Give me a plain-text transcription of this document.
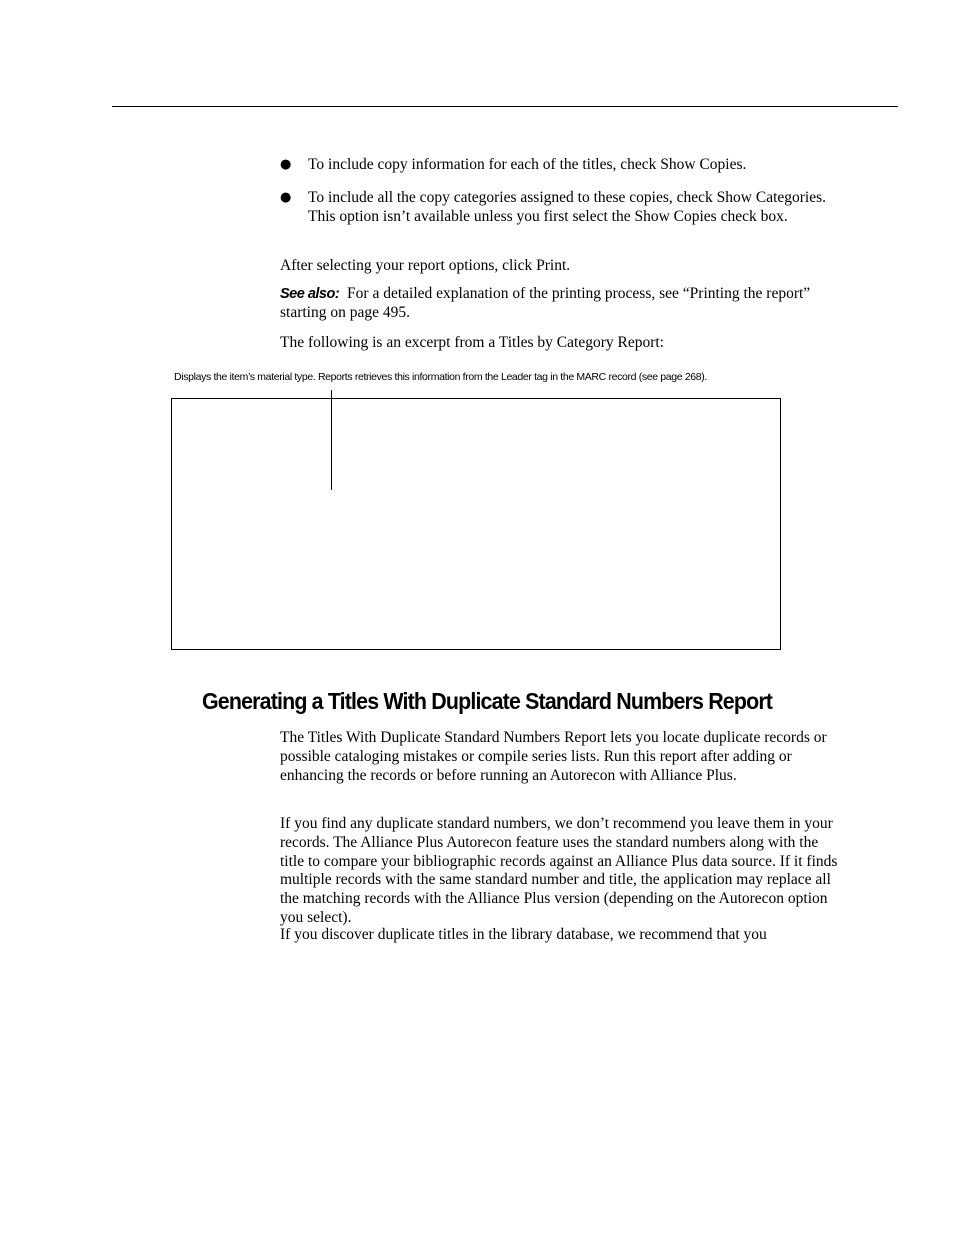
● To include copy information for each of the titles, check Show Copies.
● To include all the copy categories assigned to these copies, check Show Categories. This option isn’t available unless you first select the Show Copies check box.

After selecting your report options, click Print.

See also: For a detailed explanation of the printing process, see “Printing the report” starting on page 495.

The following is an excerpt from a Titles by Category Report:

Displays the item’s material type. Reports retrieves this information from the Leader tag in the MARC record (see page 268).
Generating a Titles With Duplicate Standard Numbers Report

The Titles With Duplicate Standard Numbers Report lets you locate duplicate records or possible cataloging mistakes or compile series lists. Run this report after adding or enhancing the records or before running an Autorecon with Alliance Plus.

If you find any duplicate standard numbers, we don’t recommend you leave them in your records. The Alliance Plus Autorecon feature uses the standard numbers along with the title to compare your bibliographic records against an Alliance Plus data source. If it finds multiple records with the same standard number and title, the application may replace all the matching records with the Alliance Plus version (depending on the Autorecon option you select).

If you discover duplicate titles in the library database, we recommend that you
